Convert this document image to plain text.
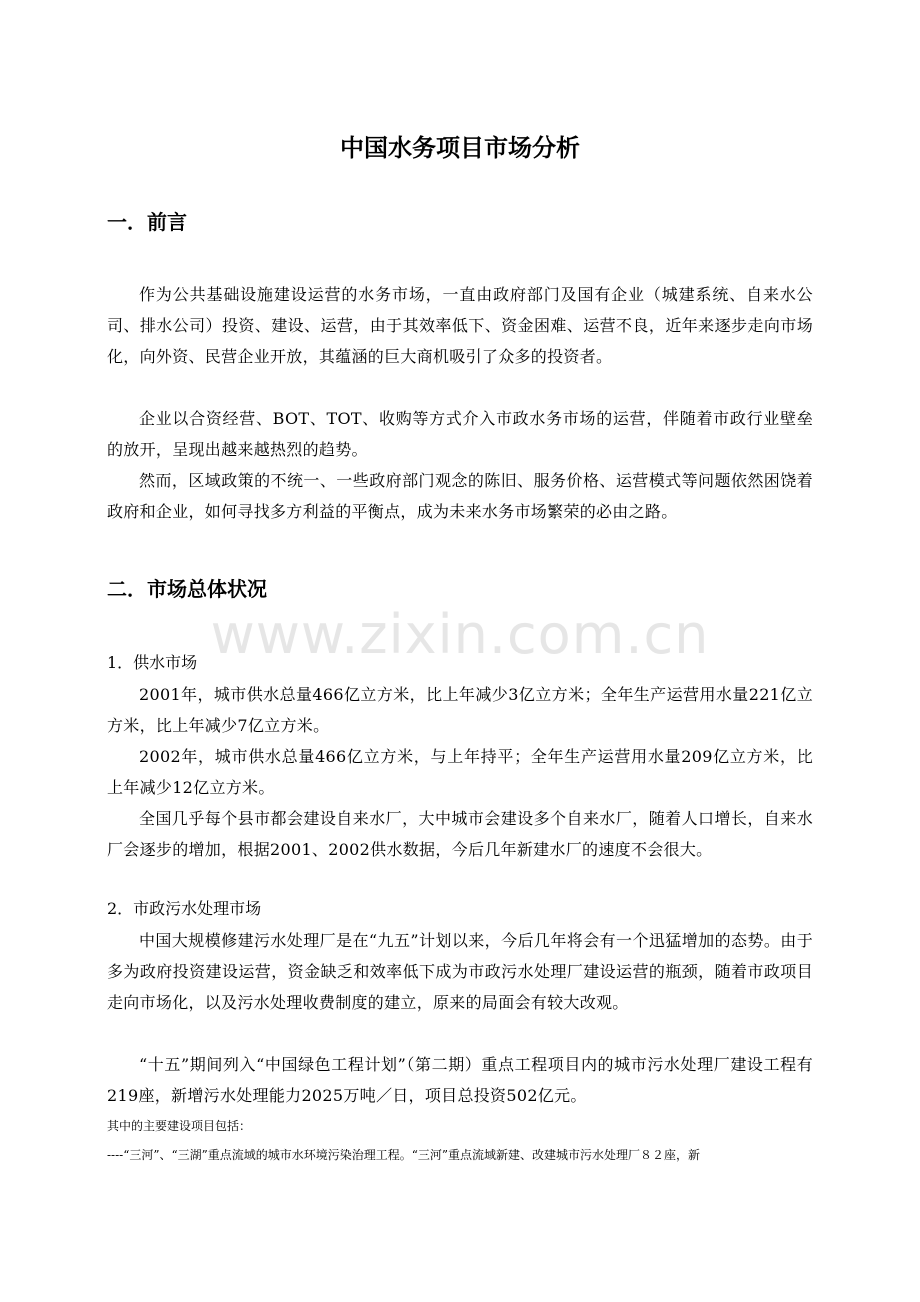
中国水务项目市场分析
一．前言

作为公共基础设施建设运营的水务市场，一直由政府部门及国有企业（城建系统、自来水公司、排水公司）投资、建设、运营，由于其效率低下、资金困难、运营不良，近年来逐步走向市场化，向外资、民营企业开放，其蕴涵的巨大商机吸引了众多的投资者。

企业以合资经营、BOT、TOT、收购等方式介入市政水务市场的运营，伴随着市政行业壁垒的放开，呈现出越来越热烈的趋势。

然而，区域政策的不统一、一些政府部门观念的陈旧、服务价格、运营模式等问题依然困饶着政府和企业，如何寻找多方利益的平衡点，成为未来水务市场繁荣的必由之路。

二．市场总体状况
www.zixin.com.cn
1．供水市场

2001年，城市供水总量466亿立方米，比上年减少3亿立方米；全年生产运营用水量221亿立方米，比上年减少7亿立方米。

2002年，城市供水总量466亿立方米，与上年持平；全年生产运营用水量209亿立方米，比上年减少12亿立方米。

全国几乎每个县市都会建设自来水厂，大中城市会建设多个自来水厂，随着人口增长，自来水厂会逐步的增加，根据2001、2002供水数据，今后几年新建水厂的速度不会很大。

2．市政污水处理市场

中国大规模修建污水处理厂是在“九五”计划以来，今后几年将会有一个迅猛增加的态势。由于多为政府投资建设运营，资金缺乏和效率低下成为市政污水处理厂建设运营的瓶颈，随着市政项目走向市场化，以及污水处理收费制度的建立，原来的局面会有较大改观。

“十五”期间列入“中国绿色工程计划”（第二期）重点工程项目内的城市污水处理厂建设工程有219座，新增污水处理能力2025万吨／日，项目总投资502亿元。

其中的主要建设项目包括：

----“三河”、“三湖”重点流域的城市水环境污染治理工程。“三河”重点流域新建、改建城市污水处理厂８２座，新
